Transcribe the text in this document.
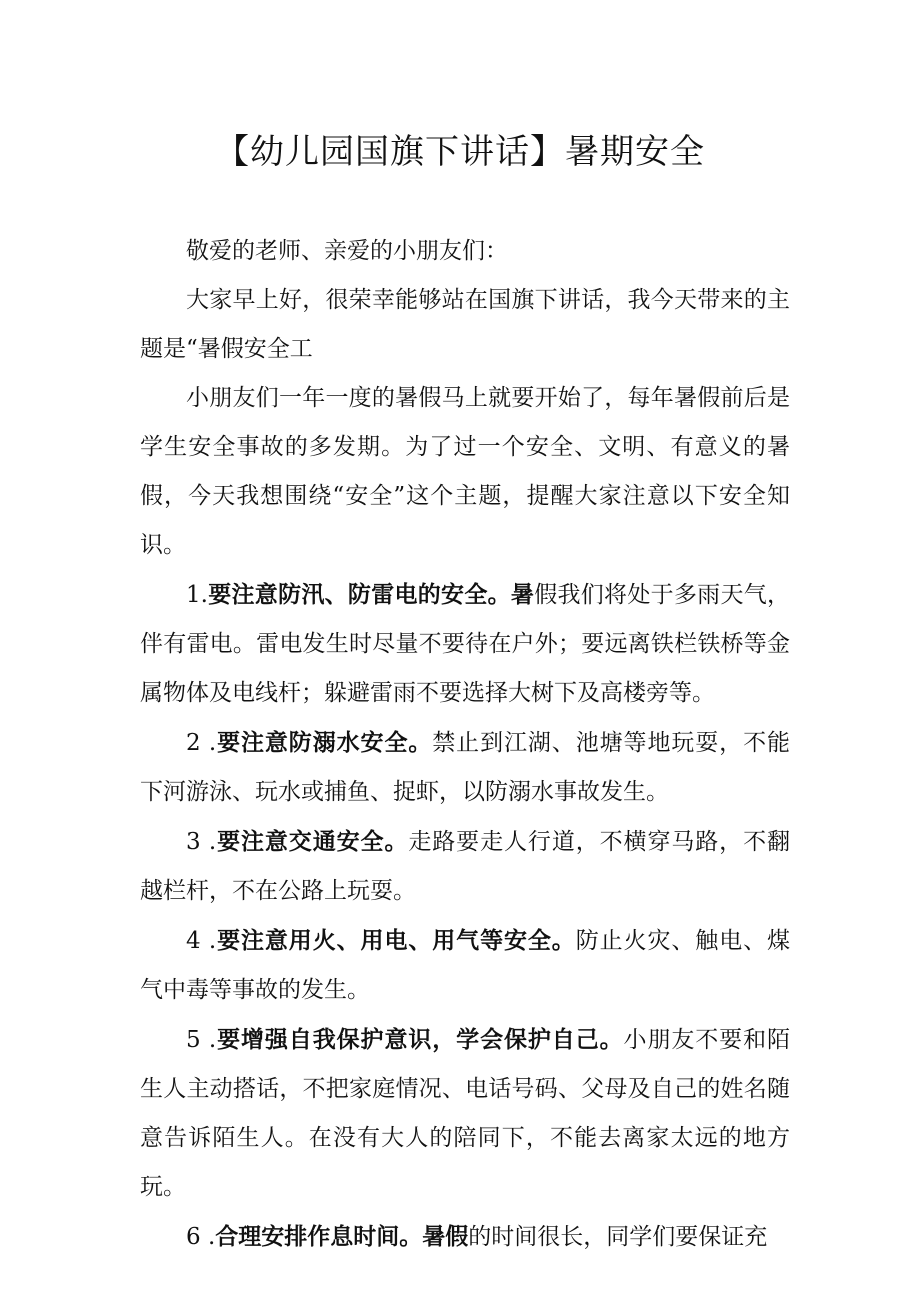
【幼儿园国旗下讲话】暑期安全

敬爱的老师、亲爱的小朋友们：

大家早上好，很荣幸能够站在国旗下讲话，我今天带来的主题是“暑假安全工

小朋友们一年一度的暑假马上就要开始了，每年暑假前后是学生安全事故的多发期。为了过一个安全、文明、有意义的暑假，今天我想围绕“安全”这个主题，提醒大家注意以下安全知识。

1.要注意防汛、防雷电的安全。暑假我们将处于多雨天气，伴有雷电。雷电发生时尽量不要待在户外；要远离铁栏铁桥等金属物体及电线杆；躲避雷雨不要选择大树下及高楼旁等。

2 .要注意防溺水安全。禁止到江湖、池塘等地玩耍，不能下河游泳、玩水或捕鱼、捉虾，以防溺水事故发生。

3 .要注意交通安全。走路要走人行道，不横穿马路，不翻越栏杆，不在公路上玩耍。

4 .要注意用火、用电、用气等安全。防止火灾、触电、煤气中毒等事故的发生。

5 .要增强自我保护意识，学会保护自己。小朋友不要和陌生人主动搭话，不把家庭情况、电话号码、父母及自己的姓名随意告诉陌生人。在没有大人的陪同下，不能去离家太远的地方玩。

6 .合理安排作息时间。暑假的时间很长，同学们要保证充
